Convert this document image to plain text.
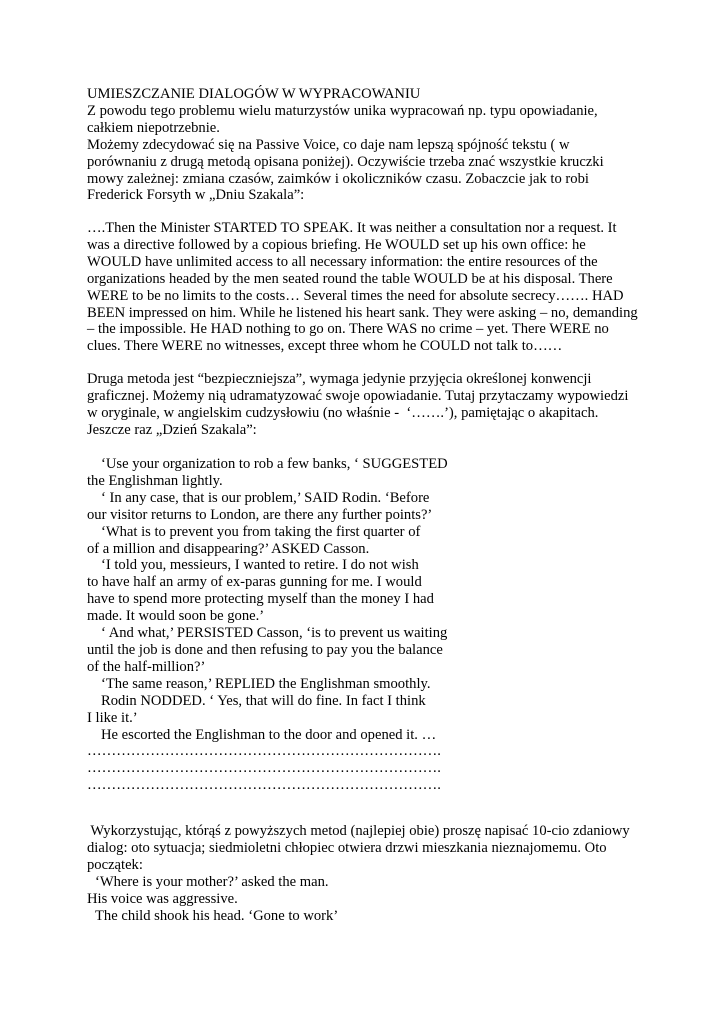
UMIESZCZANIE DIALOGÓW W WYPRACOWANIU
Z powodu tego problemu wielu maturzystów unika wypracowań np. typu opowiadanie,
całkiem niepotrzebnie.
Możemy zdecydować się na Passive Voice, co daje nam lepszą spójność tekstu ( w
porównaniu z drugą metodą opisana poniżej). Oczywiście trzeba znać wszystkie kruczki
mowy zależnej: zmiana czasów, zaimków i okoliczników czasu. Zobaczcie jak to robi
Frederick Forsyth w „Dniu Szakala”:
….Then the Minister STARTED TO SPEAK. It was neither a consultation nor a request. It
was a directive followed by a copious briefing. He WOULD set up his own office: he
WOULD have unlimited access to all necessary information: the entire resources of the
organizations headed by the men seated round the table WOULD be at his disposal. There
WERE to be no limits to the costs… Several times the need for absolute secrecy……. HAD
BEEN impressed on him. While he listened his heart sank. They were asking – no, demanding
– the impossible. He HAD nothing to go on. There WAS no crime – yet. There WERE no
clues. There WERE no witnesses, except three whom he COULD not talk to……
Druga metoda jest “bezpieczniejsza”, wymaga jedynie przyjęcia określonej konwencji
graficznej. Możemy nią udramatyzować swoje opowiadanie. Tutaj przytaczamy wypowiedzi
w oryginale, w angielskim cudzysłowiu (no właśnie -  ‘…….’), pamiętając o akapitach.
Jeszcze raz „Dzień Szakala”:
‘Use your organization to rob a few banks, ‘ SUGGESTED
the Englishman lightly.
‘ In any case, that is our problem,’ SAID Rodin. ‘Before
our visitor returns to London, are there any further points?’
‘What is to prevent you from taking the first quarter of
of a million and disappearing?’ ASKED Casson.
‘I told you, messieurs, I wanted to retire. I do not wish
to have half an army of ex-paras gunning for me. I would
have to spend more protecting myself than the money I had
made. It would soon be gone.’
‘ And what,’ PERSISTED Casson, ‘is to prevent us waiting
until the job is done and then refusing to pay you the balance
of the half-million?’
‘The same reason,’ REPLIED the Englishman smoothly.
Rodin NODDED. ‘ Yes, that will do fine. In fact I think
I like it.’
He escorted the Englishman to the door and opened it. …
……………………………………………………………….
……………………………………………………………….
……………………………………………………………….
Wykorzystując, którąś z powyższych metod (najlepiej obie) proszę napisać 10-cio zdaniowy
dialog: oto sytuacja; siedmioletni chłopiec otwiera drzwi mieszkania nieznajomemu. Oto
początek:
‘Where is your mother?’ asked the man.
His voice was aggressive.
The child shook his head. ‘Gone to work’
